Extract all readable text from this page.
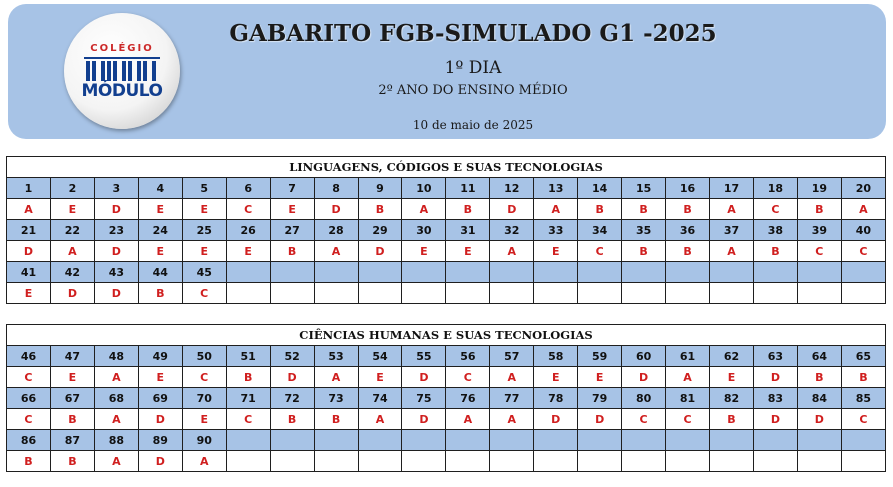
COLÉGIO
MÓDULO
GABARITO FGB-SIMULADO G1 -2025
1º DIA
2º ANO DO ENSINO MÉDIO
10 de maio de 2025
LINGUAGENS, CÓDIGOS E SUAS TECNOLOGIAS																			
1	2	3	4	5	6	7	8	9	10	11	12	13	14	15	16	17	18	19	20
A	E	D	E	E	C	E	D	B	A	B	D	A	B	B	B	A	C	B	A
21	22	23	24	25	26	27	28	29	30	31	32	33	34	35	36	37	38	39	40
D	A	D	E	E	E	B	A	D	E	E	A	E	C	B	B	A	B	C	C
41	42	43	44	45															
E	D	D	B	C															
CIÊNCIAS HUMANAS E SUAS TECNOLOGIAS																			
46	47	48	49	50	51	52	53	54	55	56	57	58	59	60	61	62	63	64	65
C	E	A	E	C	B	D	A	E	D	C	A	E	E	D	A	E	D	B	B
66	67	68	69	70	71	72	73	74	75	76	77	78	79	80	81	82	83	84	85
C	B	A	D	E	C	B	B	A	D	A	A	D	D	C	C	B	D	D	C
86	87	88	89	90															
B	B	A	D	A															
